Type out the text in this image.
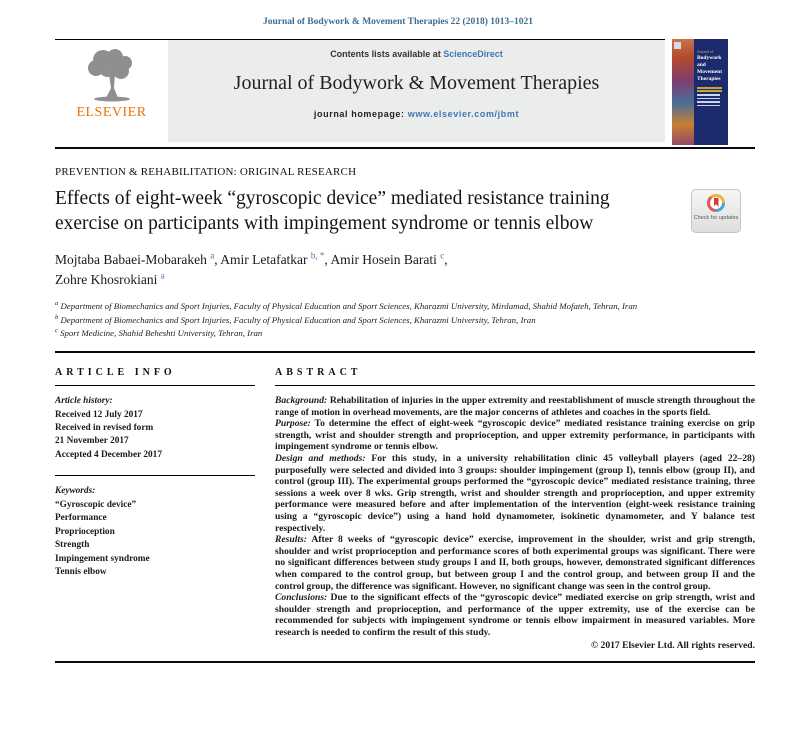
Journal of Bodywork & Movement Therapies 22 (2018) 1013–1021
ELSEVIER
Contents lists available at ScienceDirect
Journal of Bodywork & Movement Therapies
journal homepage: www.elsevier.com/jbmt
Journal of
Bodywork
and
Movement
Therapies
PREVENTION & REHABILITATION: ORIGINAL RESEARCH
Effects of eight-week “gyroscopic device” mediated resistance training exercise on participants with impingement syndrome or tennis elbow	Check for updates
Mojtaba Babaei-Mobarakeh $^a$, Amir Letafatkar $^{b, *}$, Amir Hosein Barati $^c$,
Zohre Khosrokiani $^a$
$^a$ Department of Biomechanics and Sport Injuries, Faculty of Physical Education and Sport Sciences, Kharazmi University, Mirdamad, Shahid Mofateh, Tehran, Iran
$^b$ Department of Biomechanics and Sport Injuries, Faculty of Physical Education and Sport Sciences, Kharazmi University, Tehran, Iran
$^c$ Sport Medicine, Shahid Beheshti University, Tehran, Iran
ARTICLE INFO
Article history:
Received 12 July 2017
Received in revised form
21 November 2017
Accepted 4 December 2017
Keywords:
“Gyroscopic device”
Performance
Proprioception
Strength
Impingement syndrome
Tennis elbow
ABSTRACT

Background: Rehabilitation of injuries in the upper extremity and reestablishment of muscle strength throughout the range of motion in overhead movements, are the major concerns of athletes and coaches in the sports field.

Purpose: To determine the effect of eight-week “gyroscopic device” mediated resistance training exercise on grip strength, wrist and shoulder strength and proprioception, and upper extremity performance, in participants with impingement syndrome or tennis elbow.

Design and methods: For this study, in a university rehabilitation clinic 45 volleyball players (aged 22–28) purposefully were selected and divided into 3 groups: shoulder impingement (group I), tennis elbow (group II), and control (group III). The experimental groups performed the “gyroscopic device” mediated resistance training, three sessions a week over 8 wks. Grip strength, wrist and shoulder strength and proprioception, and upper extremity performance were measured before and after implementation of the intervention (eight-week resistance training using a “gyroscopic device”) using a hand hold dynamometer, isokinetic dynamometer, and Y balance test respectively.

Results: After 8 weeks of “gyroscopic device” exercise, improvement in the shoulder, wrist and grip strength, shoulder and wrist proprioception and performance scores of both experimental groups was significant. There were no significant differences between study groups I and II, both groups, however, demonstrated significant differences when compared to the control group, but between group I and the control group, and between group II and the control group, the difference was significant. However, no significant change was seen in the control group.

Conclusions: Due to the significant effects of the “gyroscopic device” mediated exercise on grip strength, wrist and shoulder strength and proprioception, and performance of the upper extremity, use of the exercise can be recommended for subjects with impingement syndrome or tennis elbow impairment in measured variables. More research is needed to confirm the result of this study.

© 2017 Elsevier Ltd. All rights reserved.
